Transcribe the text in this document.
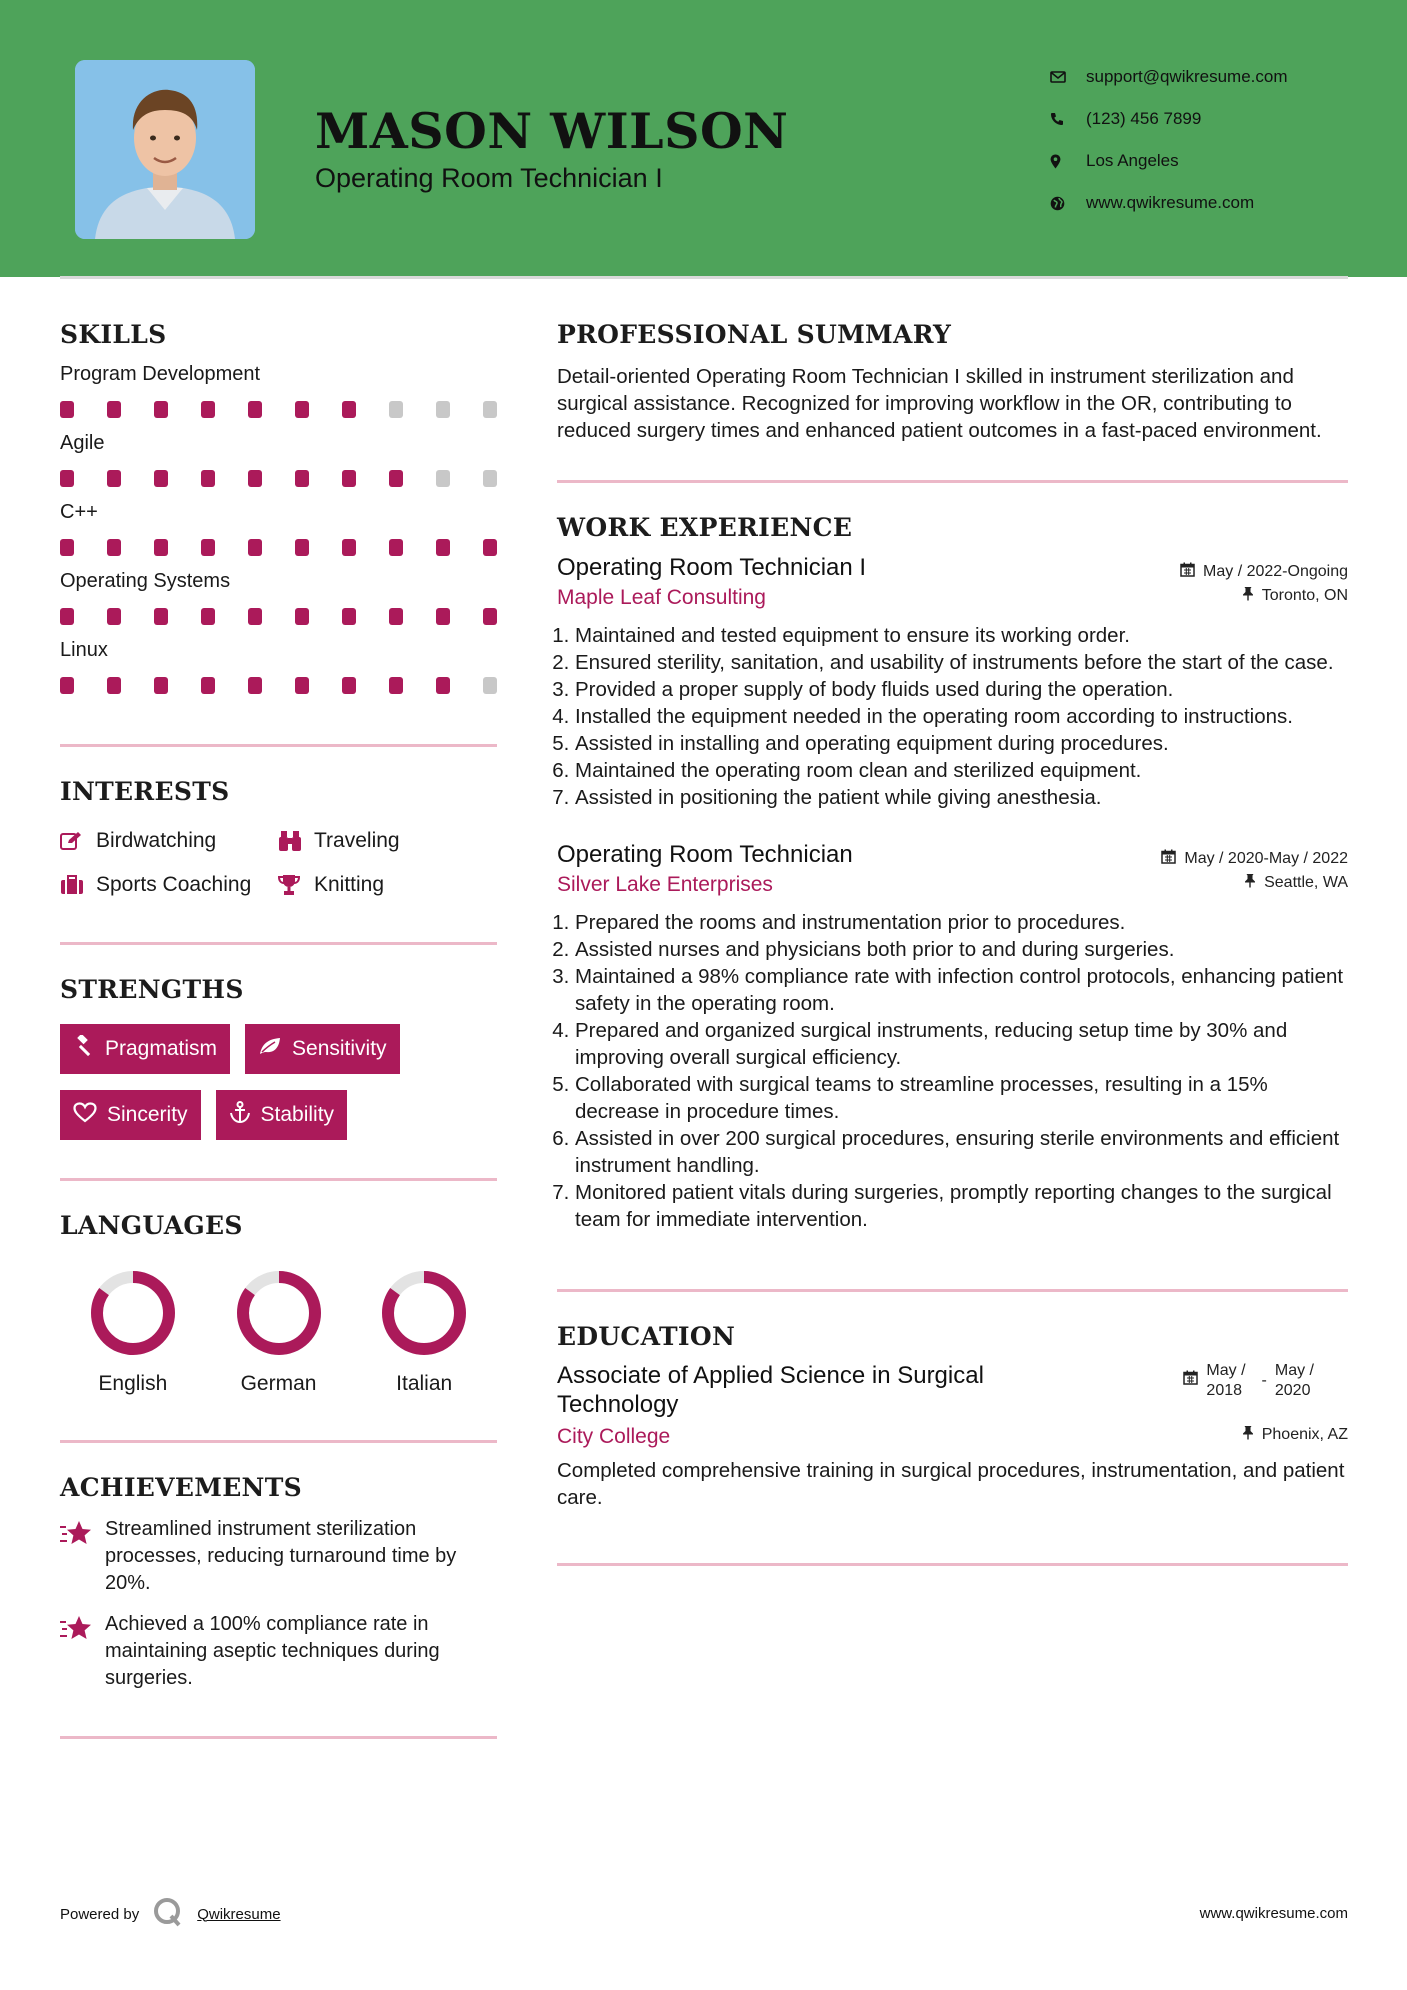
MASON WILSON
Operating Room Technician I
support@qwikresume.com
(123) 456 7899
Los Angeles
www.qwikresume.com
SKILLS
Program Development
Agile
C++
Operating Systems
Linux
INTERESTS
Birdwatching	Traveling
Sports Coaching	Knitting
STRENGTHS
Pragmatism	Sensitivity
Sincerity	Stability
LANGUAGES
English	German	Italian
ACHIEVEMENTS
Streamlined instrument sterilization processes, reducing turnaround time by 20%.
Achieved a 100% compliance rate in maintaining aseptic techniques during surgeries.
PROFESSIONAL SUMMARY
Detail-oriented Operating Room Technician I skilled in instrument sterilization and surgical assistance. Recognized for improving workflow in the OR, contributing to reduced surgery times and enhanced patient outcomes in a fast-paced environment.
WORK EXPERIENCE
Operating Room Technician I	May / 2022-Ongoing
Maple Leaf Consulting	Toronto, ON
1. Maintained and tested equipment to ensure its working order.
2. Ensured sterility, sanitation, and usability of instruments before the start of the case.
3. Provided a proper supply of body fluids used during the operation.
4. Installed the equipment needed in the operating room according to instructions.
5. Assisted in installing and operating equipment during procedures.
6. Maintained the operating room clean and sterilized equipment.
7. Assisted in positioning the patient while giving anesthesia.
Operating Room Technician	May / 2020-May / 2022
Silver Lake Enterprises	Seattle, WA
1. Prepared the rooms and instrumentation prior to procedures.
2. Assisted nurses and physicians both prior to and during surgeries.
3. Maintained a 98% compliance rate with infection control protocols, enhancing patient safety in the operating room.
4. Prepared and organized surgical instruments, reducing setup time by 30% and improving overall surgical efficiency.
5. Collaborated with surgical teams to streamline processes, resulting in a 15% decrease in procedure times.
6. Assisted in over 200 surgical procedures, ensuring sterile environments and efficient instrument handling.
7. Monitored patient vitals during surgeries, promptly reporting changes to the surgical team for immediate intervention.
EDUCATION
Associate of Applied Science in Surgical Technology
May /
2018
-
May /
2020
City College	Phoenix, AZ
Completed comprehensive training in surgical procedures, instrumentation, and patient care.
Powered by	Qwikresume	www.qwikresume.com
